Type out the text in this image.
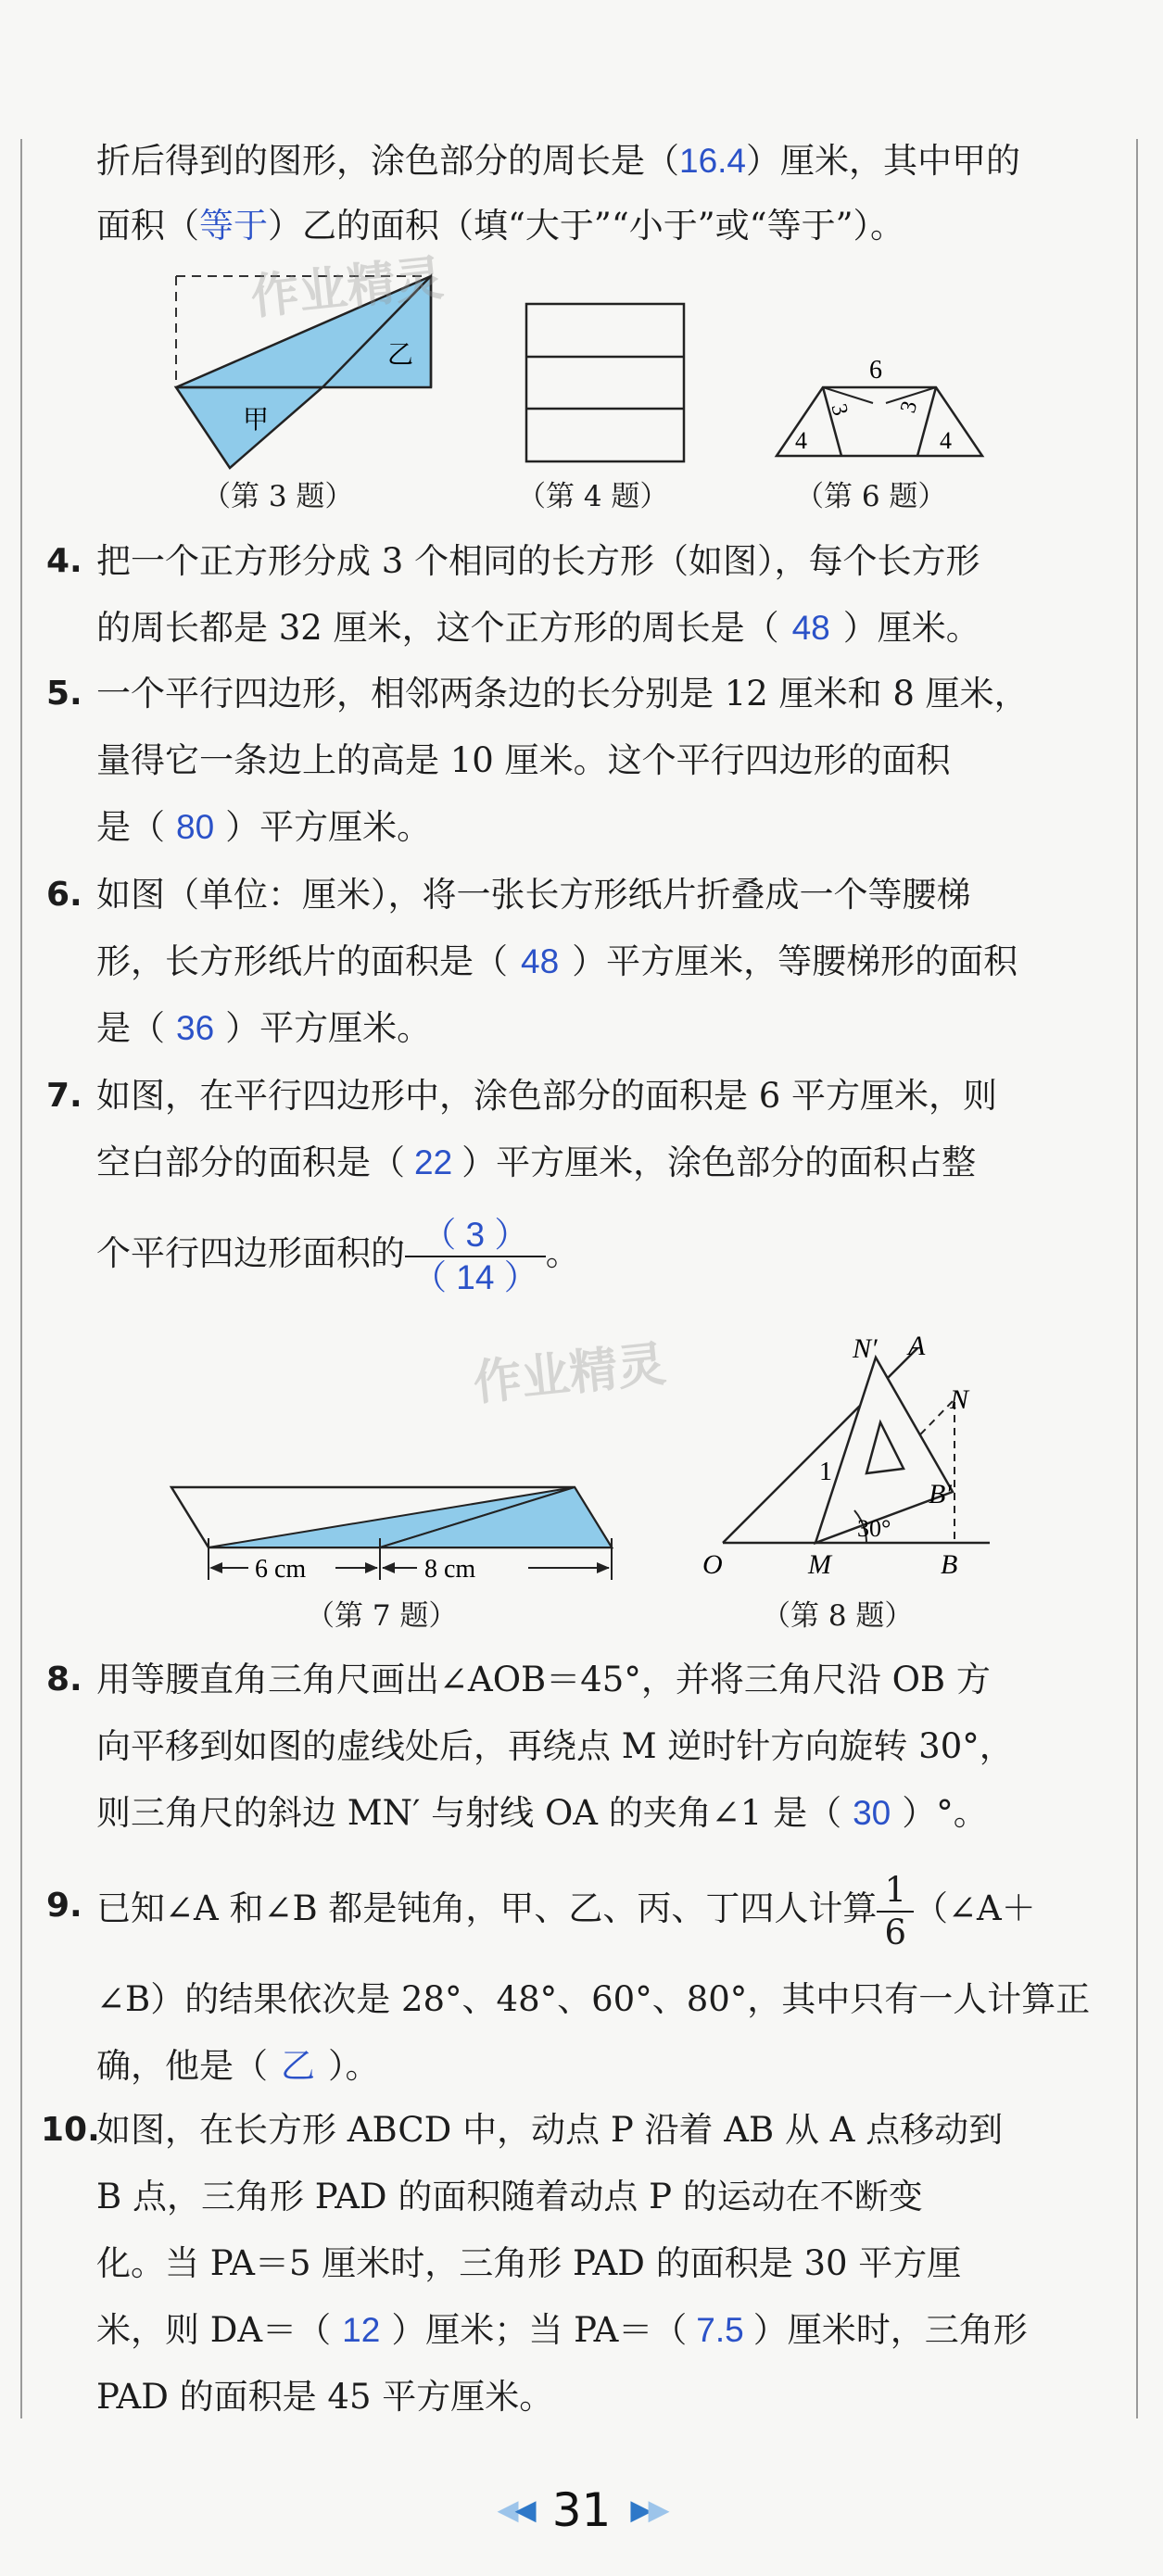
折后得到的图形，涂色部分的周长是（16.4）厘米，其中甲的
面积（等于）乙的面积（填“大于”“小于”或“等于”）。
甲
乙
6
3 3
4	4
6 cm	8 cm
N′ A
N
1
B′
30°
O	M	B
作业精灵
作业精灵
（第 3 题）	（第 4 题）	（第 6 题）
4. 把一个正方形分成 3 个相同的长方形（如图），每个长方形
的周长都是 32 厘米，这个正方形的周长是（ 48 ）厘米。
5. 一个平行四边形，相邻两条边的长分别是 12 厘米和 8 厘米，
量得它一条边上的高是 10 厘米。这个平行四边形的面积
是（ 80 ）平方厘米。
6. 如图（单位：厘米），将一张长方形纸片折叠成一个等腰梯
形，长方形纸片的面积是（ 48 ）平方厘米，等腰梯形的面积
是（ 36 ）平方厘米。
7. 如图，在平行四边形中，涂色部分的面积是 6 平方厘米，则
空白部分的面积是（ 22 ）平方厘米，涂色部分的面积占整
个平行四边形面积的 $\frac{( 3 )}{( 14 )}$ 。
（第 7 题）	（第 8 题）
8. 用等腰直角三角尺画出∠AOB＝45°，并将三角尺沿 OB 方
向平移到如图的虚线处后，再绕点 M 逆时针方向旋转 30°，
则三角尺的斜边 MN′ 与射线 OA 的夹角∠1 是（ 30 ）°。
9. 已知∠A 和∠B 都是钝角，甲、乙、丙、丁四人计算 $\frac{1}{6}$ （∠A＋
∠B）的结果依次是 28°、48°、60°、80°，其中只有一人计算正
确，他是（ 乙 ）。
10.
如图，在长方形 ABCD 中，动点 P 沿着 AB 从 A 点移动到
B 点，三角形 PAD 的面积随着动点 P 的运动在不断变
化。当 PA＝5 厘米时，三角形 PAD 的面积是 30 平方厘
米，则 DA＝（ 12 ）厘米；当 PA＝（ 7.5 ）厘米时，三角形
PAD 的面积是 45 平方厘米。
◀◀ 31 ▶▶
